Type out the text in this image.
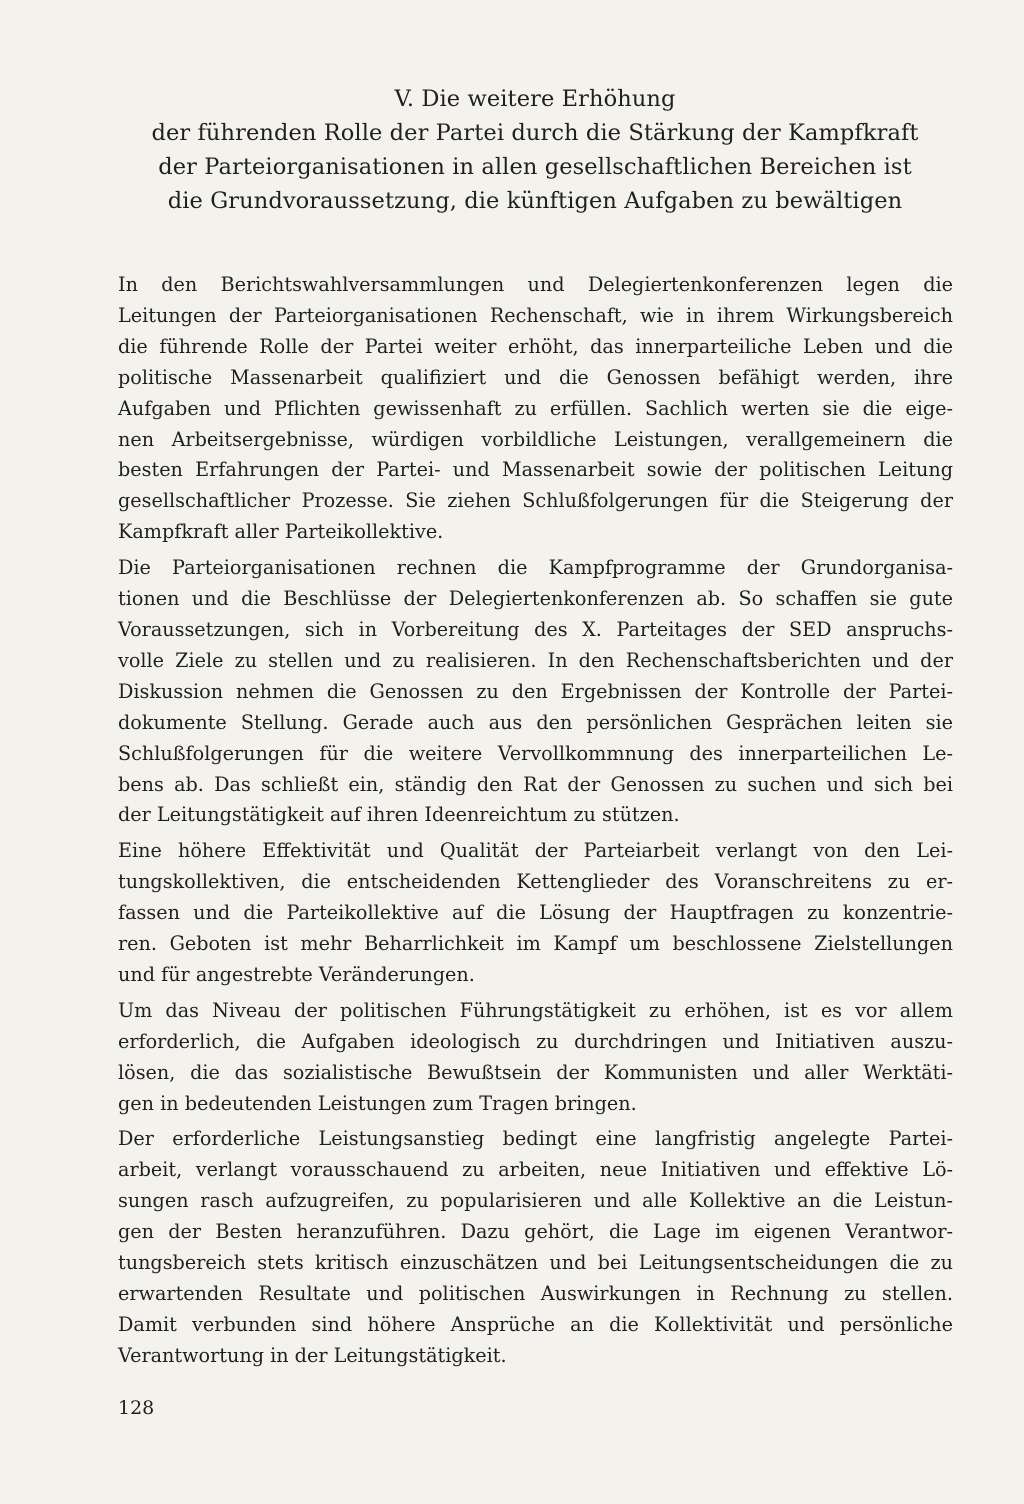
V. Die weitere Erhöhung
der führenden Rolle der Partei durch die Stärkung der Kampfkraft
der Parteiorganisationen in allen gesellschaftlichen Bereichen ist
die Grundvoraussetzung, die künftigen Aufgaben zu bewältigen
In den Berichtswahlversammlungen und Delegiertenkonferenzen legen die
Leitungen der Parteiorganisationen Rechenschaft, wie in ihrem Wirkungsbereich
die führende Rolle der Partei weiter erhöht, das innerparteiliche Leben und die
politische Massenarbeit qualifiziert und die Genossen befähigt werden, ihre
Aufgaben und Pflichten gewissenhaft zu erfüllen. Sachlich werten sie die eige-
nen Arbeitsergebnisse, würdigen vorbildliche Leistungen, verallgemeinern die
besten Erfahrungen der Partei- und Massenarbeit sowie der politischen Leitung
gesellschaftlicher Prozesse. Sie ziehen Schlußfolgerungen für die Steigerung der
Kampfkraft aller Parteikollektive.
Die Parteiorganisationen rechnen die Kampfprogramme der Grundorganisa-
tionen und die Beschlüsse der Delegiertenkonferenzen ab. So schaffen sie gute
Voraussetzungen, sich in Vorbereitung des X. Parteitages der SED anspruchs-
volle Ziele zu stellen und zu realisieren. In den Rechenschaftsberichten und der
Diskussion nehmen die Genossen zu den Ergebnissen der Kontrolle der Partei-
dokumente Stellung. Gerade auch aus den persönlichen Gesprächen leiten sie
Schlußfolgerungen für die weitere Vervollkommnung des innerparteilichen Le-
bens ab. Das schließt ein, ständig den Rat der Genossen zu suchen und sich bei
der Leitungstätigkeit auf ihren Ideenreichtum zu stützen.
Eine höhere Effektivität und Qualität der Parteiarbeit verlangt von den Lei-
tungskollektiven, die entscheidenden Kettenglieder des Voranschreitens zu er-
fassen und die Parteikollektive auf die Lösung der Hauptfragen zu konzentrie-
ren. Geboten ist mehr Beharrlichkeit im Kampf um beschlossene Zielstellungen
und für angestrebte Veränderungen.
Um das Niveau der politischen Führungstätigkeit zu erhöhen, ist es vor allem
erforderlich, die Aufgaben ideologisch zu durchdringen und Initiativen auszu-
lösen, die das sozialistische Bewußtsein der Kommunisten und aller Werktäti-
gen in bedeutenden Leistungen zum Tragen bringen.
Der erforderliche Leistungsanstieg bedingt eine langfristig angelegte Partei-
arbeit, verlangt vorausschauend zu arbeiten, neue Initiativen und effektive Lö-
sungen rasch aufzugreifen, zu popularisieren und alle Kollektive an die Leistun-
gen der Besten heranzuführen. Dazu gehört, die Lage im eigenen Verantwor-
tungsbereich stets kritisch einzuschätzen und bei Leitungsentscheidungen die zu
erwartenden Resultate und politischen Auswirkungen in Rechnung zu stellen.
Damit verbunden sind höhere Ansprüche an die Kollektivität und persönliche
Verantwortung in der Leitungstätigkeit.
128
